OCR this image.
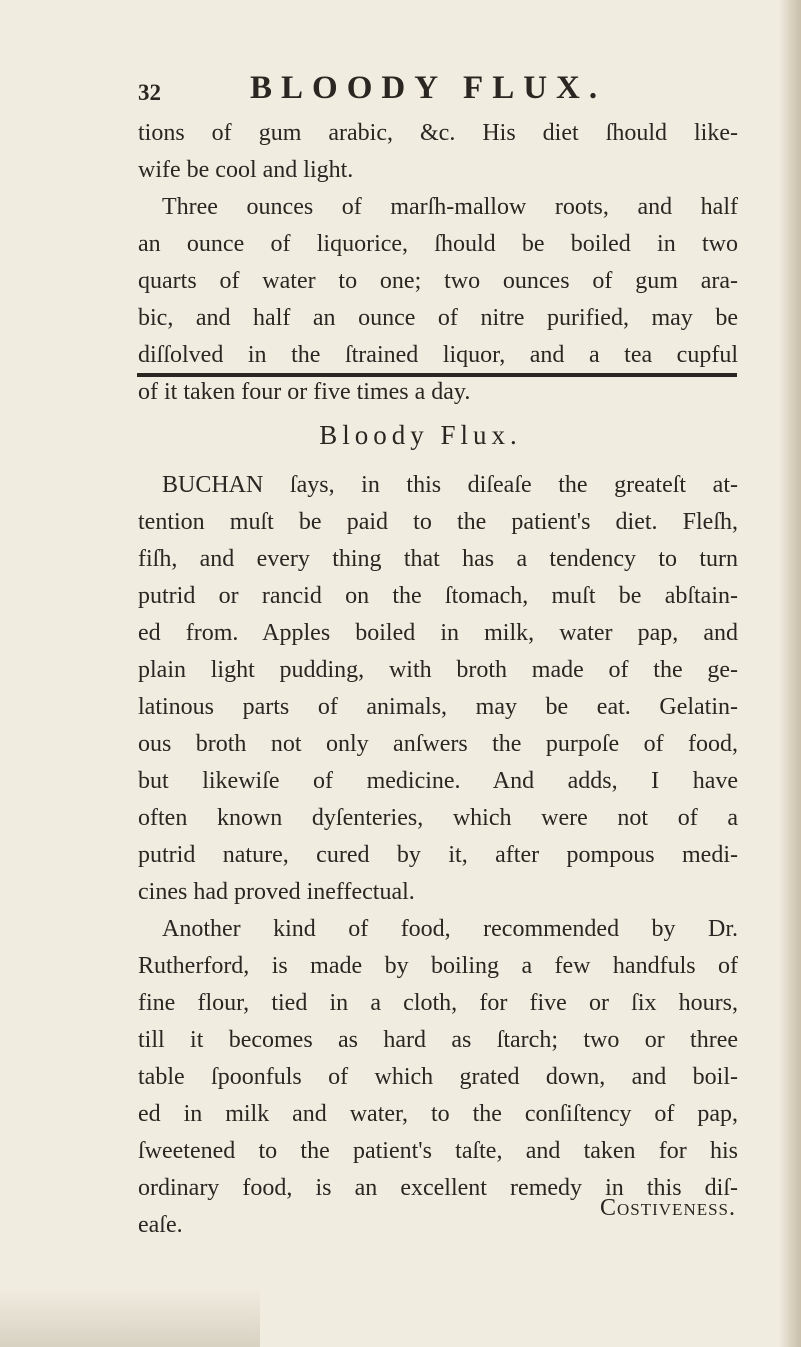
32	BLOODY FLUX.
tions of gum arabic, &c. His diet ſhould like-
wife be cool and light.
Three ounces of marſh-mallow roots, and half
an ounce of liquorice, ſhould be boiled in two
quarts of water to one; two ounces of gum ara-
bic, and half an ounce of nitre purified, may be
diſſolved in the ſtrained liquor, and a tea cupful
of it taken four or five times a day.
Bloody Flux.
BUCHAN ſays, in this diſeaſe the greateſt at-
tention muſt be paid to the patient's diet. Fleſh,
fiſh, and every thing that has a tendency to turn
putrid or rancid on the ſtomach, muſt be abſtain-
ed from. Apples boiled in milk, water pap, and
plain light pudding, with broth made of the ge-
latinous parts of animals, may be eat. Gelatin-
ous broth not only anſwers the purpoſe of food,
but likewiſe of medicine. And adds, I have
often known dyſenteries, which were not of a
putrid nature, cured by it, after pompous medi-
cines had proved ineffectual.
Another kind of food, recommended by Dr.
Rutherford, is made by boiling a few handfuls of
fine flour, tied in a cloth, for five or ſix hours,
till it becomes as hard as ſtarch; two or three
table ſpoonfuls of which grated down, and boil-
ed in milk and water, to the conſiſtency of pap,
ſweetened to the patient's taſte, and taken for his
ordinary food, is an excellent remedy in this diſ-
eaſe.
Costiveness.
